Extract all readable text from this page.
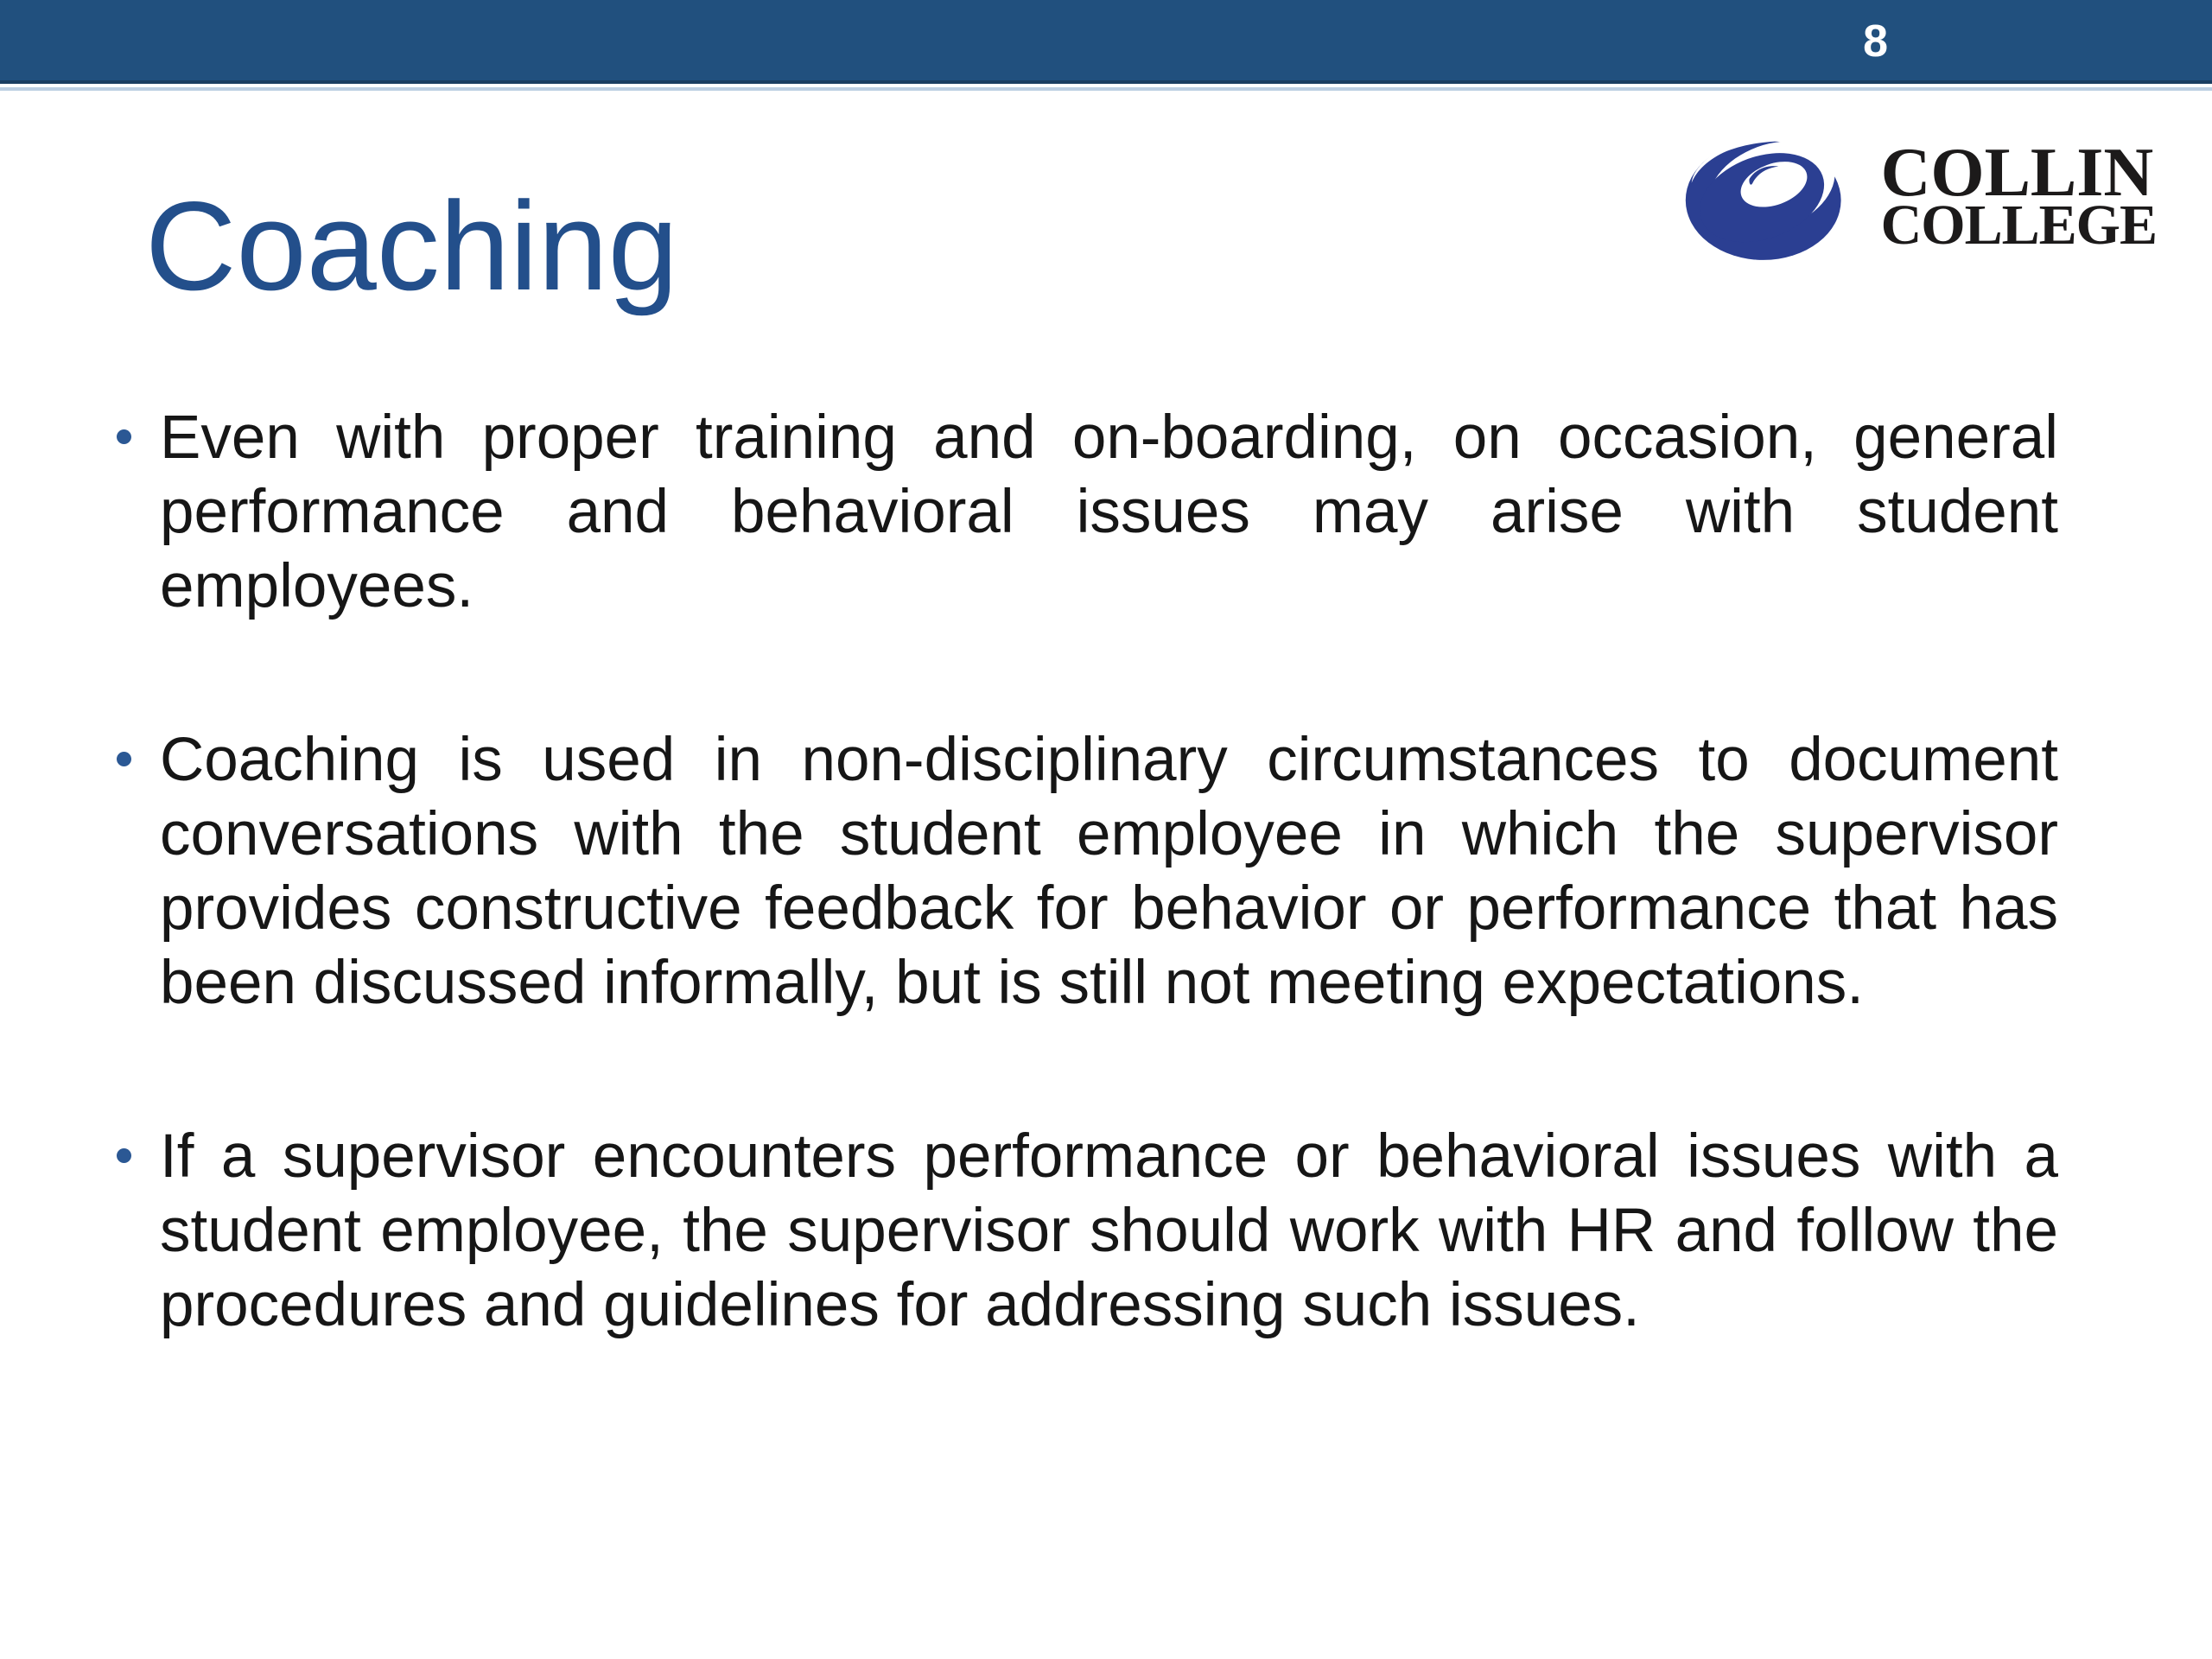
8
Coaching
COLLIN
COLLEGE
Even with proper training and on-boarding, on occasion, general
performance and behavioral issues may arise with student
employees.
Coaching is used in non-disciplinary circumstances to document
conversations with the student employee in which the supervisor
provides constructive feedback for behavior or performance that has
been discussed informally, but is still not meeting expectations.
If a supervisor encounters performance or behavioral issues with a
student employee, the supervisor should work with HR and follow the
procedures and guidelines for addressing such issues.
